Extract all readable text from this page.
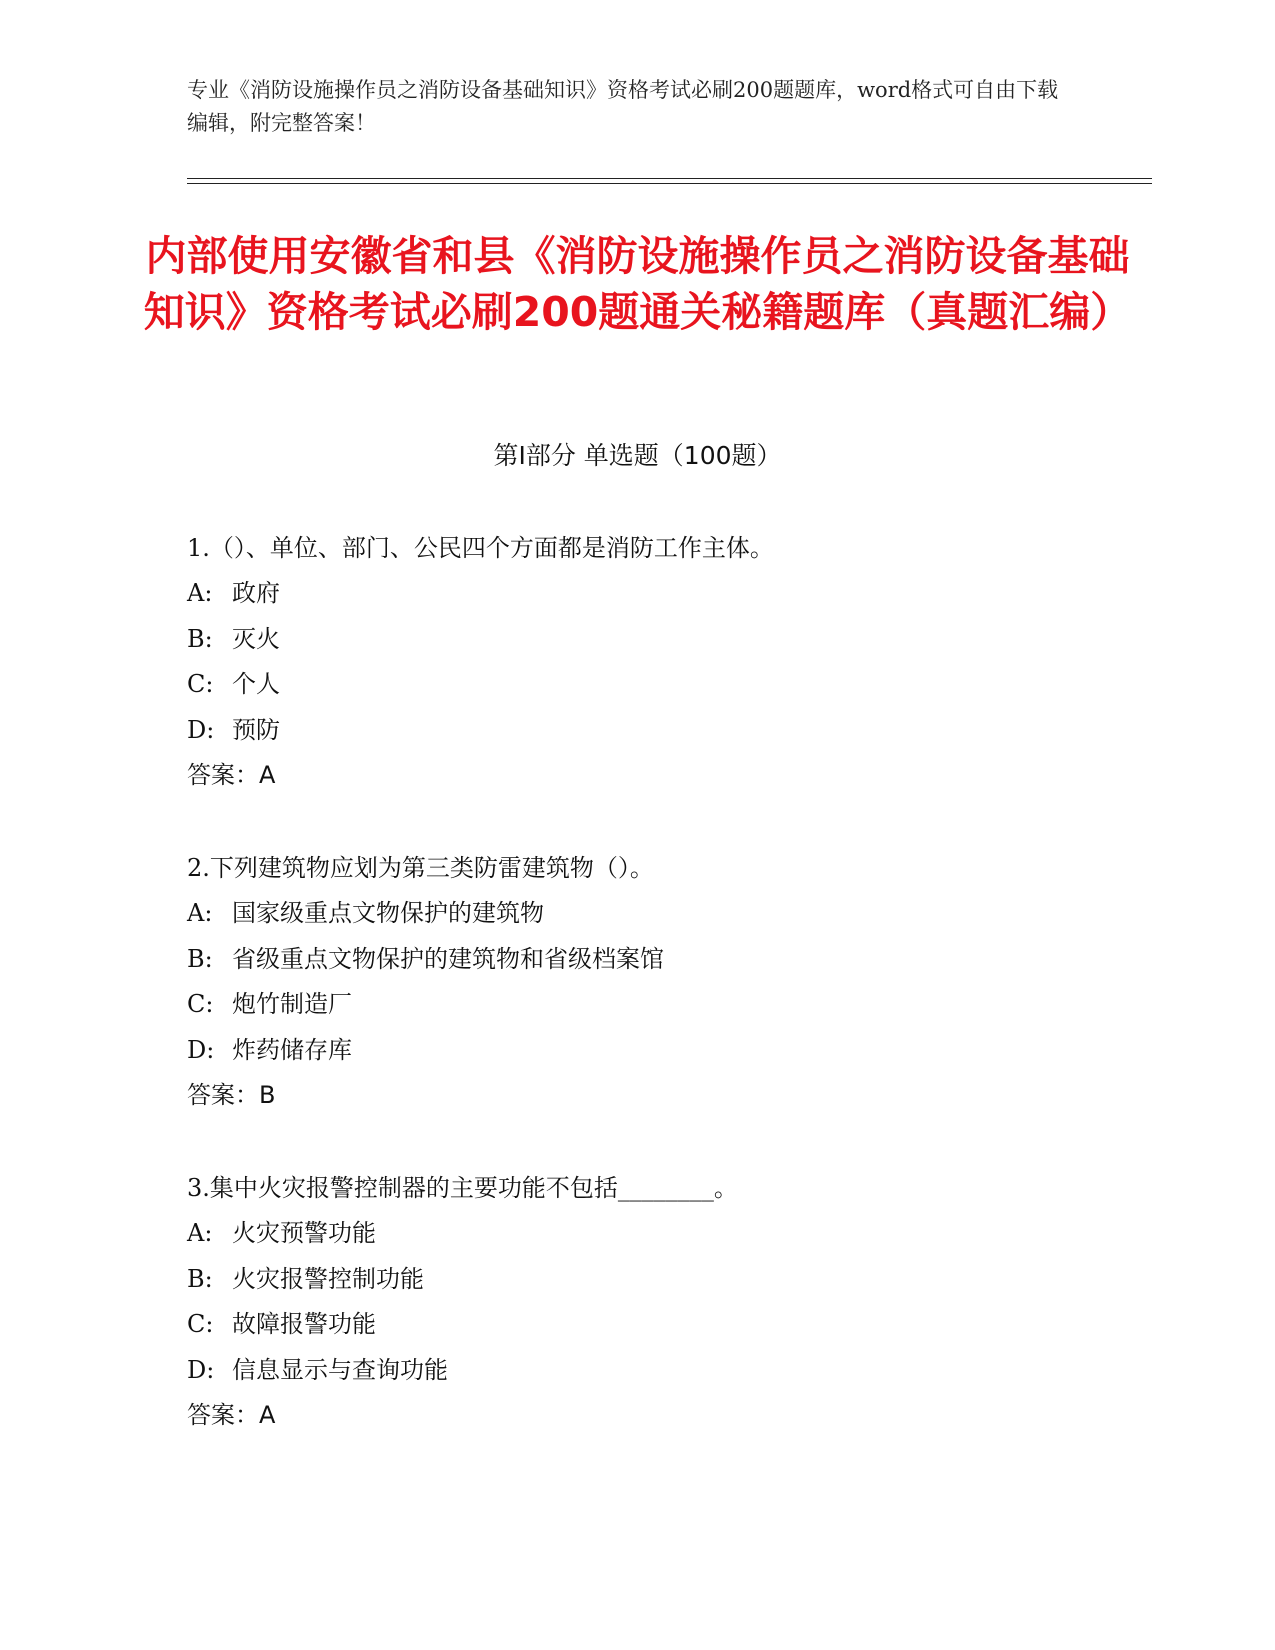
专业《消防设施操作员之消防设备基础知识》资格考试必刷200题题库，word格式可自由下载编辑，附完整答案！
内部使用安徽省和县《消防设施操作员之消防设备基础知识》资格考试必刷200题通关秘籍题库（真题汇编）
第I部分 单选题（100题）
1.（）、单位、部门、公民四个方面都是消防工作主体。
A: 政府
B: 灭火
C: 个人
D: 预防
答案：A
2.下列建筑物应划为第三类防雷建筑物（）。
A: 国家级重点文物保护的建筑物
B: 省级重点文物保护的建筑物和省级档案馆
C: 炮竹制造厂
D: 炸药储存库
答案：B
3.集中火灾报警控制器的主要功能不包括________。
A: 火灾预警功能
B: 火灾报警控制功能
C: 故障报警功能
D: 信息显示与查询功能
答案：A
